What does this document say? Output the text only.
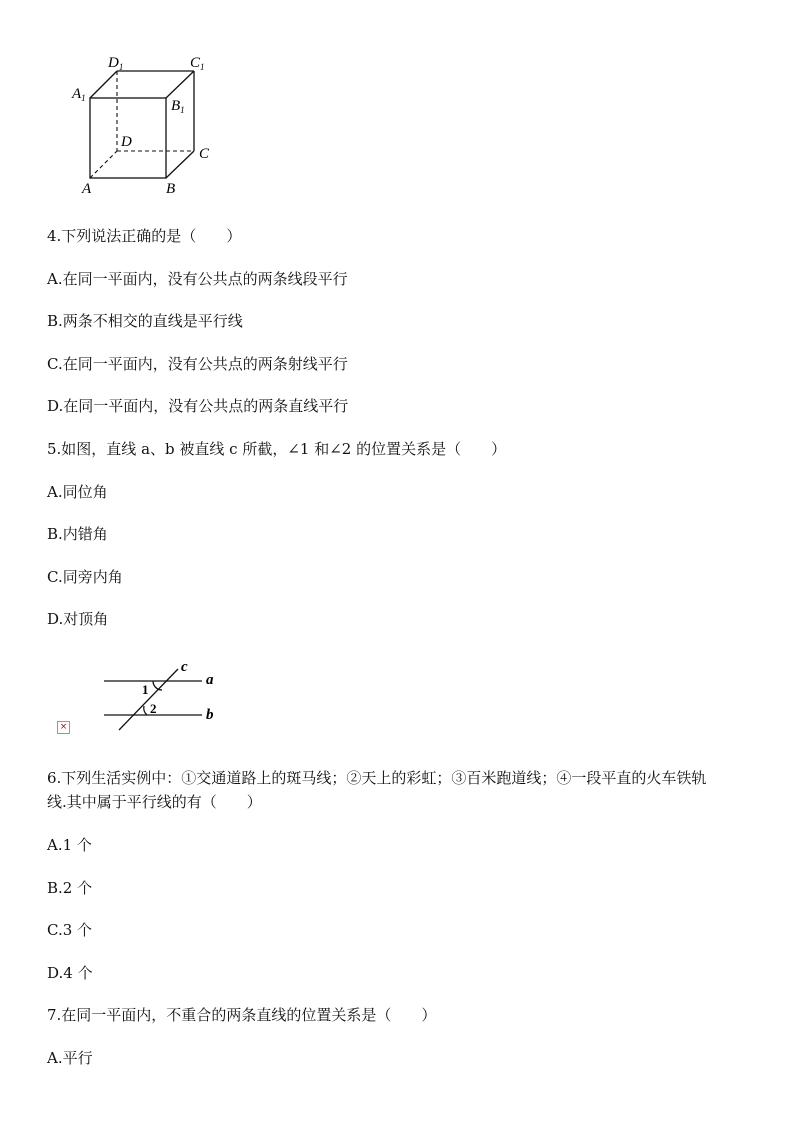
$D_1$	$C_1$
$A_1$	$B_1$
D
C
A	B
4.下列说法正确的是（　　）
A.在同一平面内，没有公共点的两条线段平行
B.两条不相交的直线是平行线
C.在同一平面内，没有公共点的两条射线平行
D.在同一平面内，没有公共点的两条直线平行
5.如图，直线 a、b 被直线 c 所截，∠1 和∠2 的位置关系是（　　）
A.同位角
B.内错角
C.同旁内角
D.对顶角
c
a
b
1
2
×
6.下列生活实例中：①交通道路上的斑马线；②天上的彩虹；③百米跑道线；④一段平直的火车铁轨
线.其中属于平行线的有（　　）
A.1 个
B.2 个
C.3 个
D.4 个
7.在同一平面内，不重合的两条直线的位置关系是（　　）
A.平行
